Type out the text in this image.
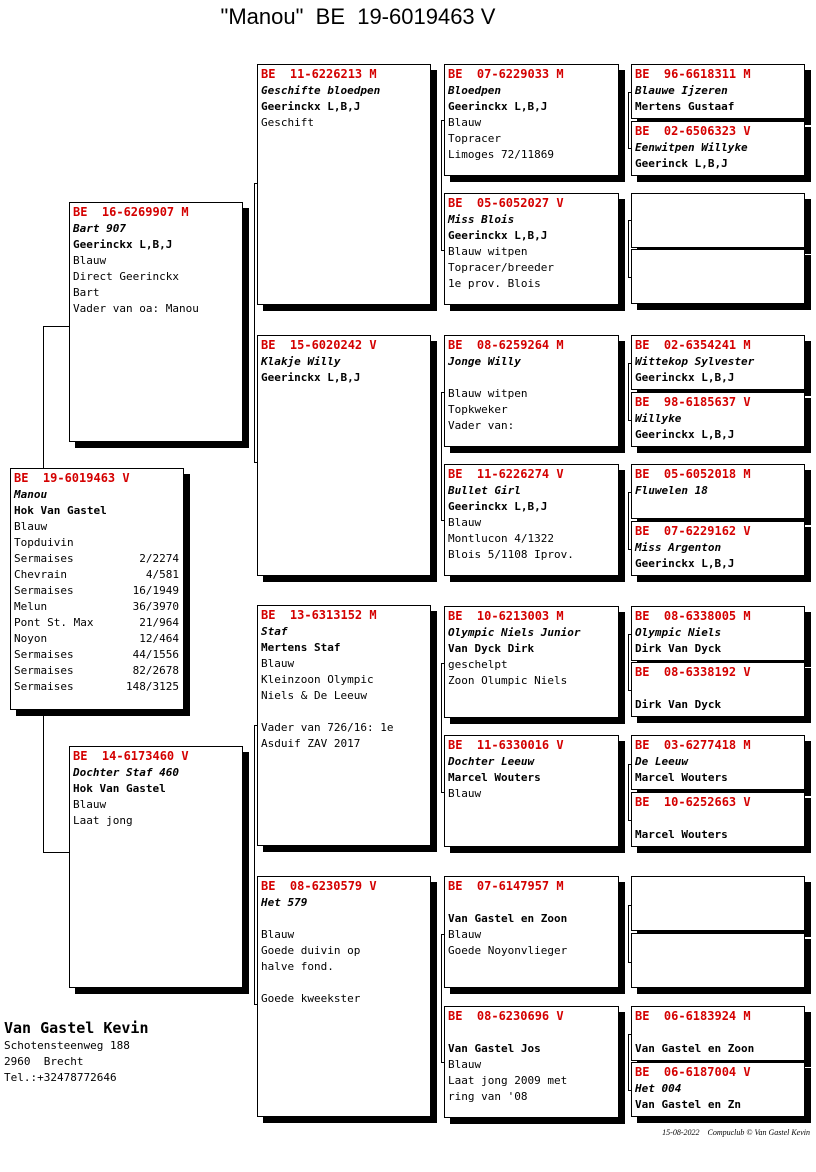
"Manou"  BE  19-6019463 V
BE  19-6019463 V
Manou
Hok Van Gastel
Blauw
Topduivin
Sermaises	2/2274
Chevrain	4/581
Sermaises	16/1949
Melun	36/3970
Pont St. Max	21/964
Noyon	12/464
Sermaises	44/1556
Sermaises	82/2678
Sermaises	148/3125
BE  16-6269907 M
Bart 907
Geerinckx L,B,J
Blauw
Direct Geerinckx
Bart
Vader van oa: Manou
BE  14-6173460 V
Dochter Staf 460
Hok Van Gastel
Blauw
Laat jong
BE  11-6226213 M
Geschifte bloedpen
Geerinckx L,B,J
Geschift
BE  15-6020242 V
Klakje Willy
Geerinckx L,B,J
BE  13-6313152 M
Staf
Mertens Staf
Blauw
Kleinzoon Olympic
Niels & De Leeuw
Vader van 726/16: 1e
Asduif ZAV 2017
BE  08-6230579 V
Het 579
Blauw
Goede duivin op
halve fond.
Goede kweekster
BE  07-6229033 M
Bloedpen
Geerinckx L,B,J
Blauw
Topracer
Limoges 72/11869
BE  05-6052027 V
Miss Blois
Geerinckx L,B,J
Blauw witpen
Topracer/breeder
1e prov. Blois
BE  08-6259264 M
Jonge Willy
Blauw witpen
Topkweker
Vader van:
BE  11-6226274 V
Bullet Girl
Geerinckx L,B,J
Blauw
Montlucon 4/1322
Blois 5/1108 Iprov.
BE  10-6213003 M
Olympic Niels Junior
Van Dyck Dirk
geschelpt
Zoon Olumpic Niels
BE  11-6330016 V
Dochter Leeuw
Marcel Wouters
Blauw
BE  07-6147957 M
Van Gastel en Zoon
Blauw
Goede Noyonvlieger
BE  08-6230696 V
Van Gastel Jos
Blauw
Laat jong 2009 met
ring van '08
BE  96-6618311 M
Blauwe Ijzeren
Mertens Gustaaf
BE  02-6506323 V
Eenwitpen Willyke
Geerinck L,B,J
BE  02-6354241 M
Wittekop Sylvester
Geerinckx L,B,J
BE  98-6185637 V
Willyke
Geerinckx L,B,J
BE  05-6052018 M
Fluwelen 18
BE  07-6229162 V
Miss Argenton
Geerinckx L,B,J
BE  08-6338005 M
Olympic Niels
Dirk Van Dyck
BE  08-6338192 V
Dirk Van Dyck
BE  03-6277418 M
De Leeuw
Marcel Wouters
BE  10-6252663 V
Marcel Wouters
BE  06-6183924 M
Van Gastel en Zoon
BE  06-6187004 V
Het 004
Van Gastel en Zn
Van Gastel Kevin
Schotensteenweg 188
2960  Brecht
Tel.:+32478772646
15-08-2022    Compuclub © Van Gastel Kevin
